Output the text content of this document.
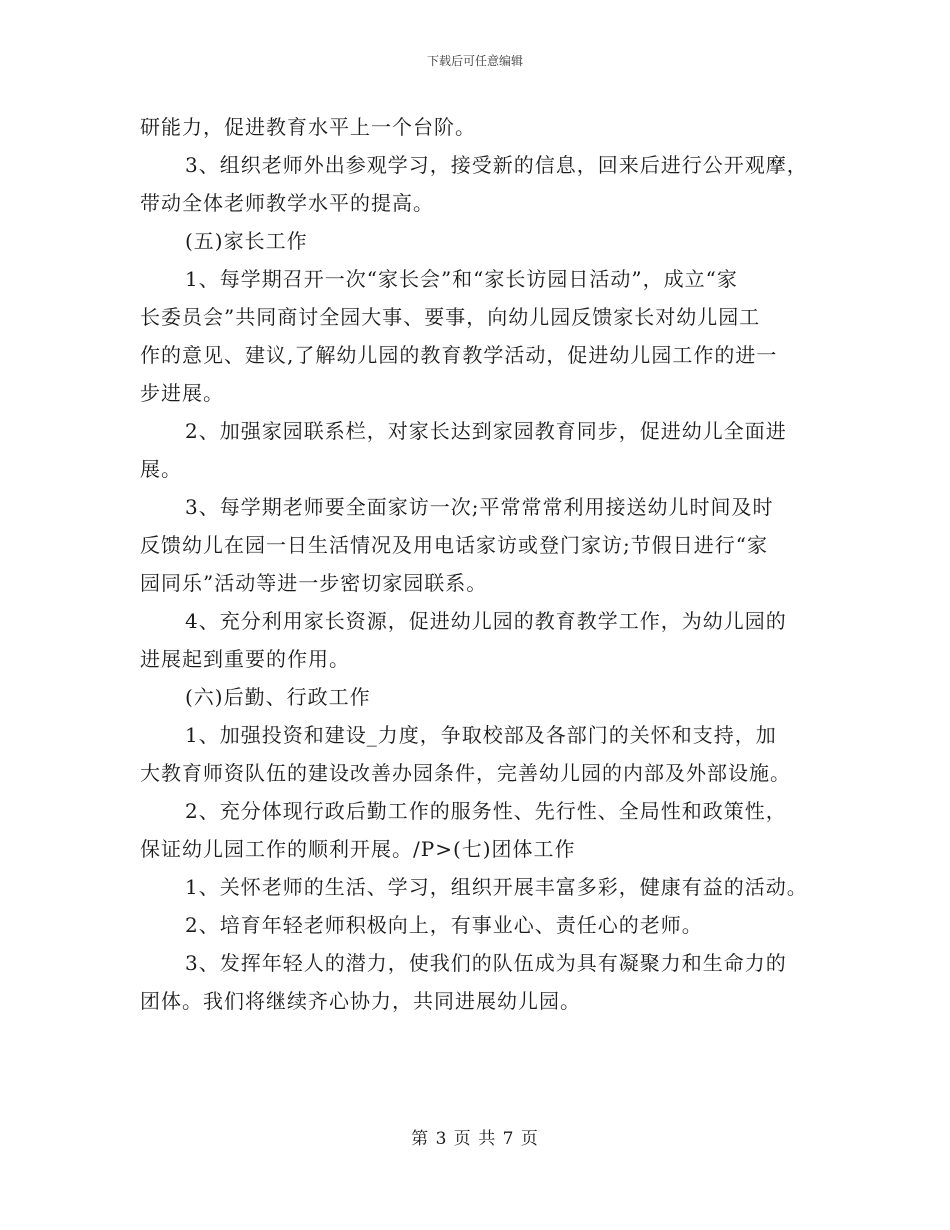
下载后可任意编辑
研能力，促进教育水平上一个台阶。
3、组织老师外出参观学习，接受新的信息，回来后进行公开观摩，
带动全体老师教学水平的提高。
(五)家长工作
1、每学期召开一次“家长会”和“家长访园日活动”，成立“家
长委员会”共同商讨全园大事、要事，向幼儿园反馈家长对幼儿园工
作的意见、建议,了解幼儿园的教育教学活动，促进幼儿园工作的进一
步进展。
2、加强家园联系栏，对家长达到家园教育同步，促进幼儿全面进
展。
3、每学期老师要全面家访一次;平常常常利用接送幼儿时间及时
反馈幼儿在园一日生活情况及用电话家访或登门家访;节假日进行“家
园同乐”活动等进一步密切家园联系。
4、充分利用家长资源，促进幼儿园的教育教学工作，为幼儿园的
进展起到重要的作用。
(六)后勤、行政工作
1、加强投资和建设_力度，争取校部及各部门的关怀和支持，加
大教育师资队伍的建设改善办园条件，完善幼儿园的内部及外部设施。
2、充分体现行政后勤工作的服务性、先行性、全局性和政策性，
保证幼儿园工作的顺利开展。/P>(七)团体工作
1、关怀老师的生活、学习，组织开展丰富多彩，健康有益的活动。
2、培育年轻老师积极向上，有事业心、责任心的老师。
3、发挥年轻人的潜力，使我们的队伍成为具有凝聚力和生命力的
团体。我们将继续齐心协力，共同进展幼儿园。
第 3 页 共 7 页
